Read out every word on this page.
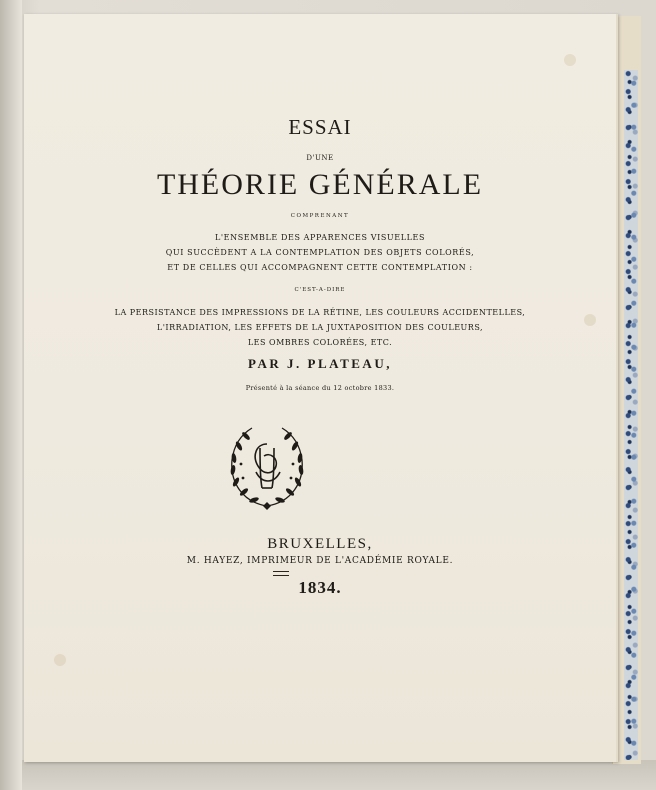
ESSAI
D'UNE
THÉORIE GÉNÉRALE
COMPRENANT
L'ENSEMBLE DES APPARENCES VISUELLES
QUI SUCCÈDENT A LA CONTEMPLATION DES OBJETS COLORÉS,
ET DE CELLES QUI ACCOMPAGNENT CETTE CONTEMPLATION :
C'EST-A-DIRE
LA PERSISTANCE DES IMPRESSIONS DE LA RÉTINE, LES COULEURS ACCIDENTELLES,
L'IRRADIATION, LES EFFETS DE LA JUXTAPOSITION DES COULEURS,
LES OMBRES COLORÉES, ETC.
PAR J. PLATEAU,
Présenté à la séance du 12 octobre 1833.
BRUXELLES,
M. HAYEZ, IMPRIMEUR DE L'ACADÉMIE ROYALE.
1834.
